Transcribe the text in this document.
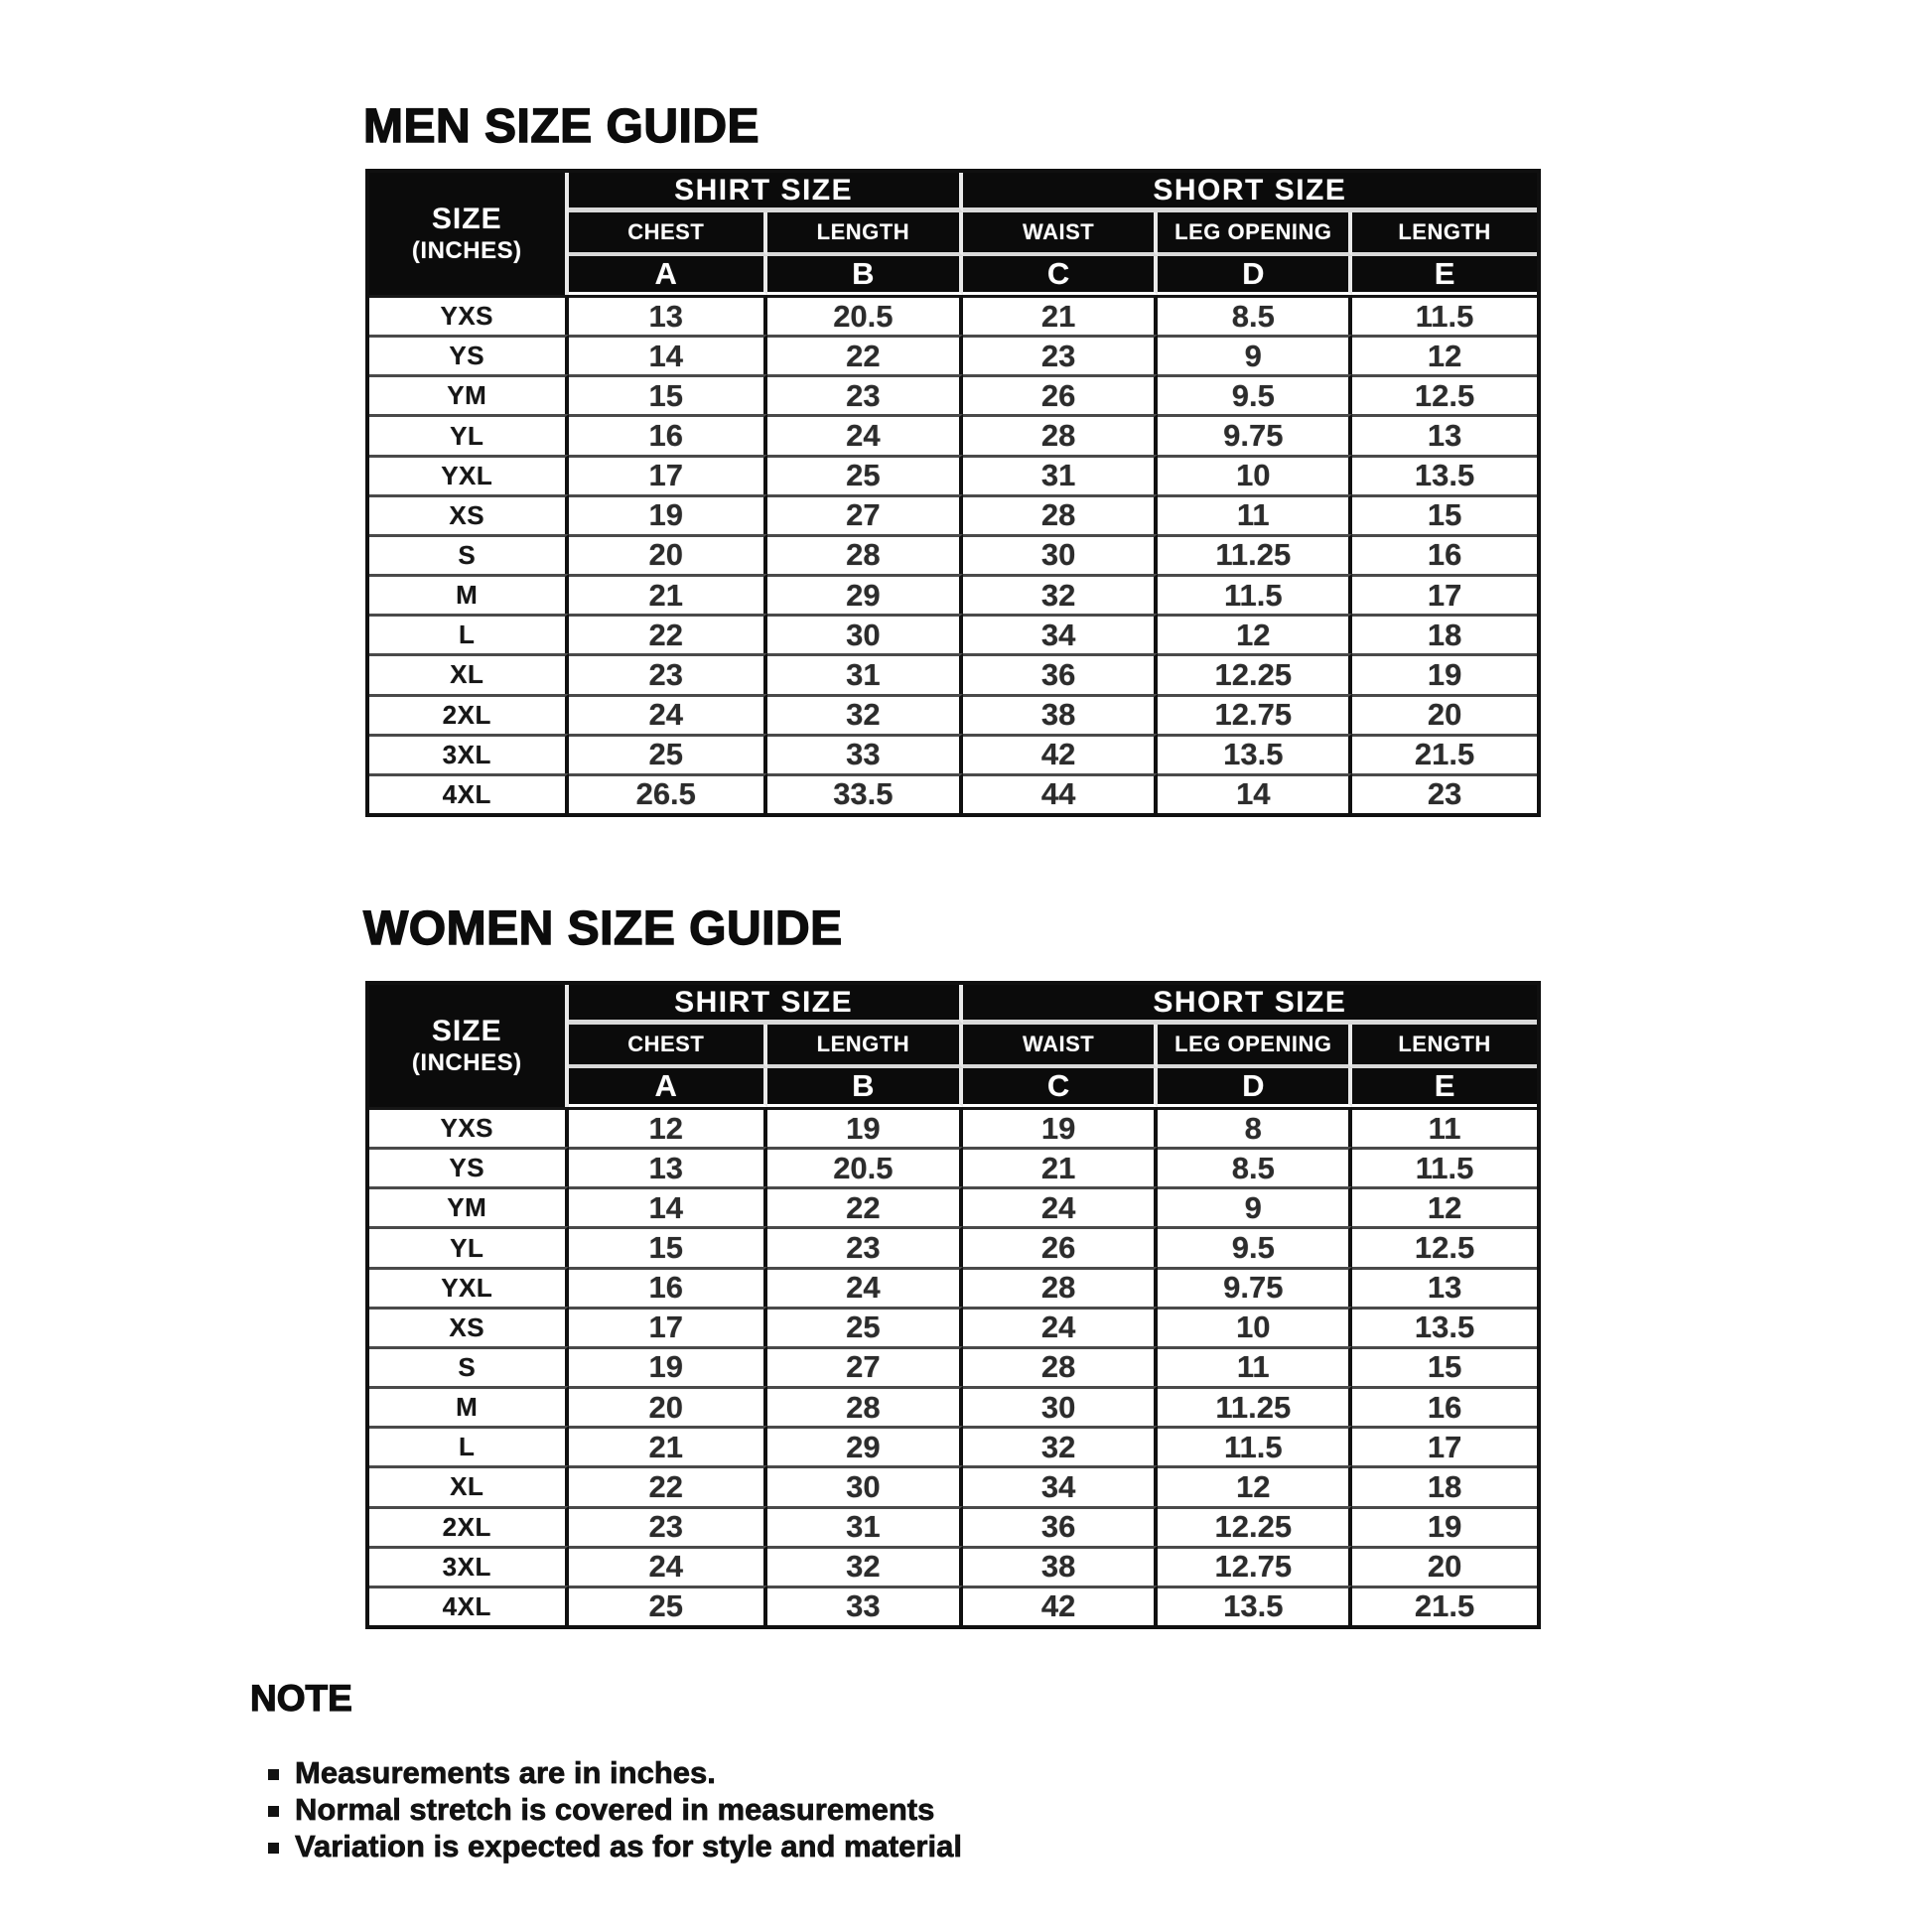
MEN SIZE GUIDE
SIZE
(INCHES)
SHIRT SIZE	SHORT SIZE
CHEST	LENGTH	WAIST	LEG OPENING	LENGTH
A	B	C	D	E
YXS	13	20.5	21	8.5	11.5
YS	14	22	23	9	12
YM	15	23	26	9.5	12.5
YL	16	24	28	9.75	13
YXL	17	25	31	10	13.5
XS	19	27	28	11	15
S	20	28	30	11.25	16
M	21	29	32	11.5	17
L	22	30	34	12	18
XL	23	31	36	12.25	19
2XL	24	32	38	12.75	20
3XL	25	33	42	13.5	21.5
4XL	26.5	33.5	44	14	23
WOMEN SIZE GUIDE
SIZE
(INCHES)
SHIRT SIZE	SHORT SIZE
CHEST	LENGTH	WAIST	LEG OPENING	LENGTH
A	B	C	D	E
YXS	12	19	19	8	11
YS	13	20.5	21	8.5	11.5
YM	14	22	24	9	12
YL	15	23	26	9.5	12.5
YXL	16	24	28	9.75	13
XS	17	25	24	10	13.5
S	19	27	28	11	15
M	20	28	30	11.25	16
L	21	29	32	11.5	17
XL	22	30	34	12	18
2XL	23	31	36	12.25	19
3XL	24	32	38	12.75	20
4XL	25	33	42	13.5	21.5
NOTE
Measurements are in inches.
Normal stretch is covered in measurements
Variation is expected as for style and material
